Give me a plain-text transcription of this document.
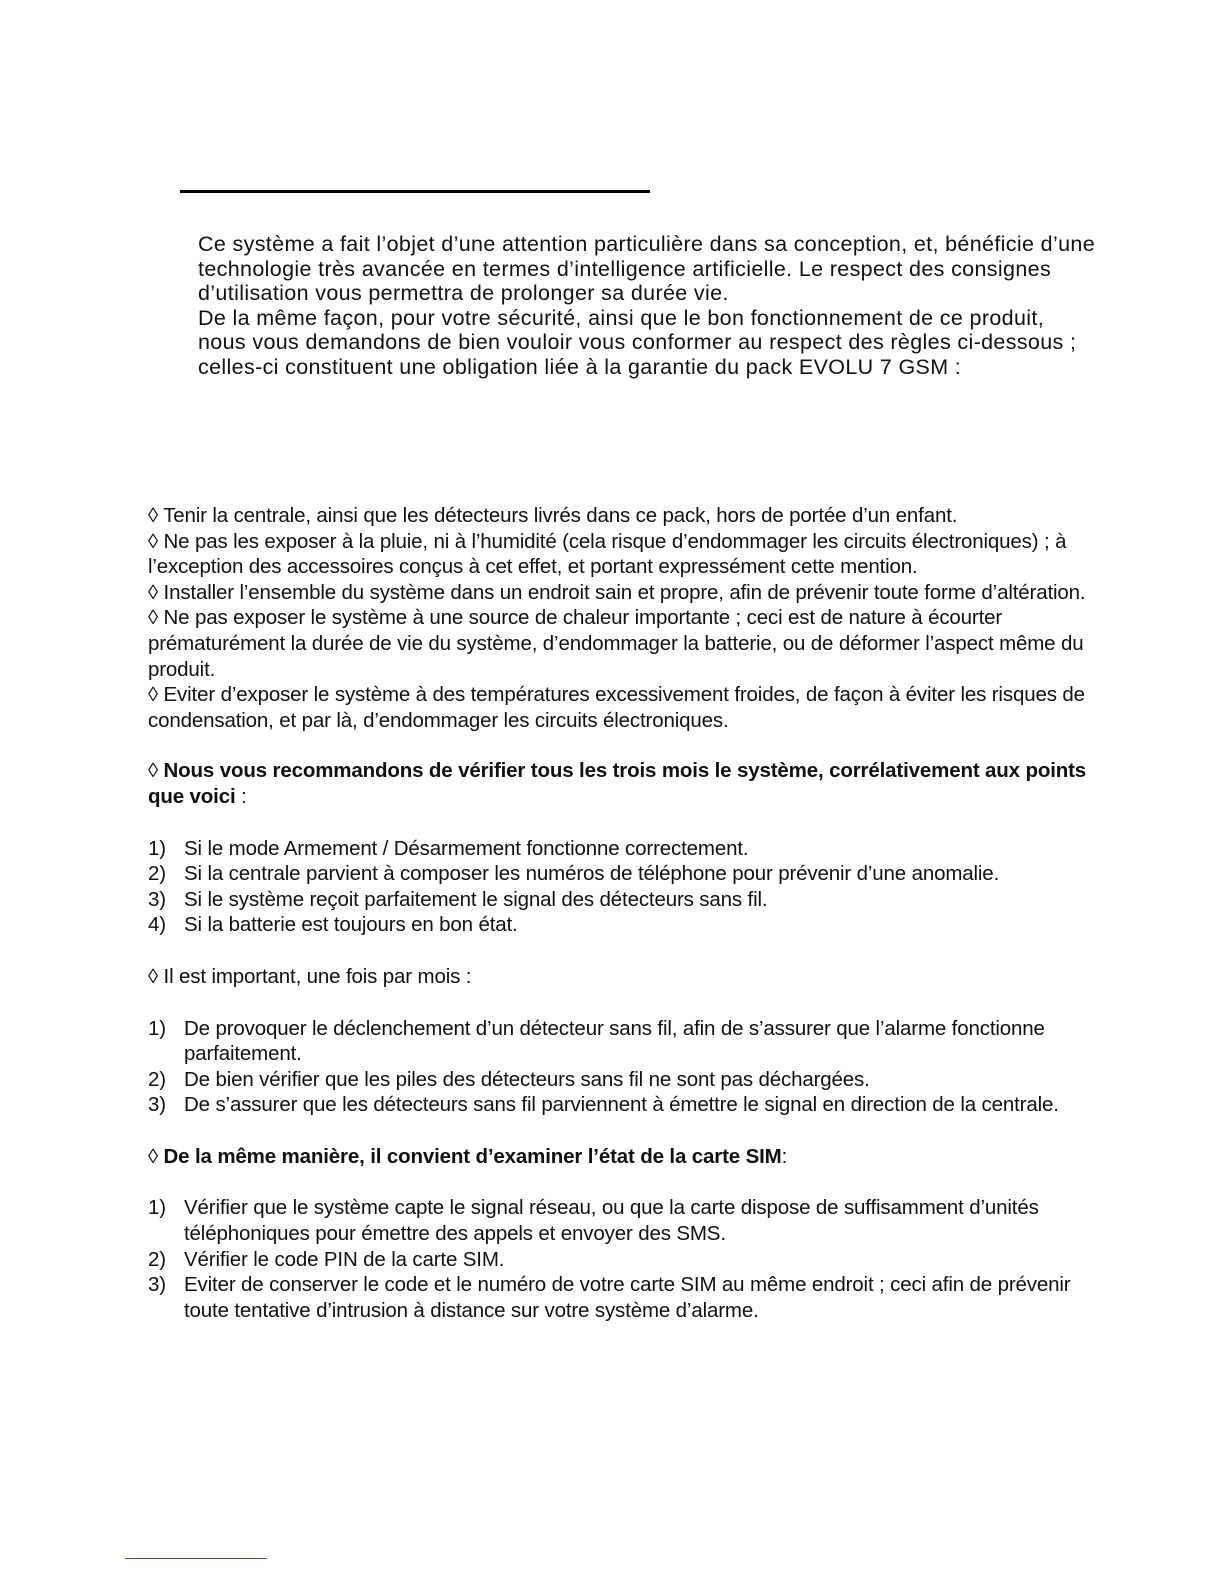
Ce système a fait l’objet d’une attention particulière dans sa conception, et, bénéficie d’une technologie très avancée en termes d’intelligence artificielle. Le respect des consignes d’utilisation vous permettra de prolonger sa durée vie.

De la même façon, pour votre sécurité, ainsi que le bon fonctionnement de ce produit, nous vous demandons de bien vouloir vous conformer au respect des règles ci-dessous ; celles-ci constituent une obligation liée à la garantie du pack EVOLU 7 GSM :

◊ Tenir la centrale, ainsi que les détecteurs livrés dans ce pack, hors de portée d’un enfant.

◊ Ne pas les exposer à la pluie, ni à l’humidité (cela risque d’endommager les circuits électroniques) ; à l’exception des accessoires conçus à cet effet, et portant expressément cette mention.

◊ Installer l’ensemble du système dans un endroit sain et propre, afin de prévenir toute forme d’altération.

◊ Ne pas exposer le système à une source de chaleur importante ; ceci est de nature à écourter prématurément la durée de vie du système, d’endommager la batterie, ou de déformer l’aspect même du produit.

◊ Eviter d’exposer le système à des températures excessivement froides, de façon à éviter les risques de condensation, et par là, d’endommager les circuits électroniques.

◊ Nous vous recommandons de vérifier tous les trois mois le système, corrélativement aux points que voici :

1) Si le mode Armement / Désarmement fonctionne correctement.
2) Si la centrale parvient à composer les numéros de téléphone pour prévenir d’une anomalie.
3) Si le système reçoit parfaitement le signal des détecteurs sans fil.
4) Si la batterie est toujours en bon état.

◊ Il est important, une fois par mois :

1) De provoquer le déclenchement d’un détecteur sans fil, afin de s’assurer que l’alarme fonctionne parfaitement.
2) De bien vérifier que les piles des détecteurs sans fil ne sont pas déchargées.
3) De s’assurer que les détecteurs sans fil parviennent à émettre le signal en direction de la centrale.

◊ De la même manière, il convient d’examiner l’état de la carte SIM:

1) Vérifier que le système capte le signal réseau, ou que la carte dispose de suffisamment d’unités téléphoniques pour émettre des appels et envoyer des SMS.
2) Vérifier le code PIN de la carte SIM.
3) Eviter de conserver le code et le numéro de votre carte SIM au même endroit ; ceci afin de prévenir toute tentative d’intrusion à distance sur votre système d’alarme.
